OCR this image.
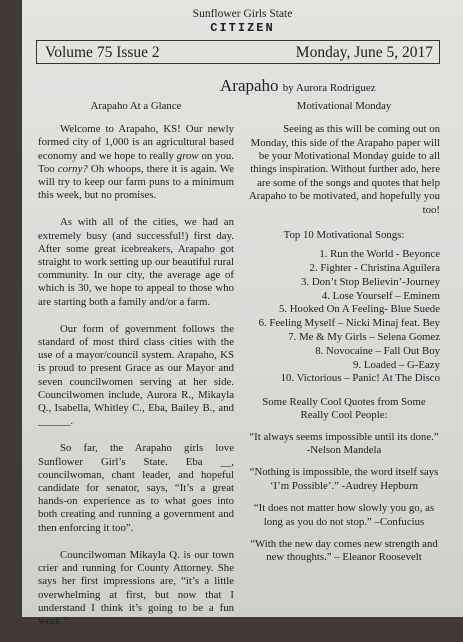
Sunflower Girls State
CITIZEN
Volume 75 Issue 2	Monday, June 5, 2017
Arapaho by Aurora Rodriguez

Arapaho At a Glance

Welcome to Arapaho, KS! Our newly formed city of 1,000 is an agricultural based economy and we hope to really grow on you. Too corny? Oh whoops, there it is again. We will try to keep our farm puns to a minimum this week, but no promises.

As with all of the cities, we had an extremely busy (and successful!) first day. After some great icebreakers, Arapaho got straight to work setting up our beautiful rural community. In our city, the average age of which is 30, we hope to appeal to those who are starting both a family and/or a farm.

Our form of government follows the standard of most third class cities with the use of a mayor/council system. Arapaho, KS is proud to present Grace as our Mayor and seven councilwomen serving at her side. Councilwomen include, Aurora R., Mikayla Q., Isabella, Whitley C., Eba, Bailey B., and ______.

So far, the Arapaho girls love Sunflower Girl’s State. Eba __, councilwoman, chant leader, and hopeful candidate for senator, says, “It’s a great hands-on experience as to what goes into both creating and running a government and then enforcing it too”.

Councilwoman Mikayla Q. is our town crier and running for County Attorney. She says her first impressions are, “it’s a little overwhelming at first, but now that I understand I think it’s going to be a fun week.”

Motivational Monday

Seeing as this will be coming out on Monday, this side of the Arapaho paper will be your Motivational Monday guide to all things inspiration. Without further ado, here are some of the songs and quotes that help Arapaho to be motivated, and hopefully you too!

Top 10 Motivational Songs:

1. Run the World - Beyonce

2. Fighter - Christina Aguilera

3. Don’t Stop Believin’-Journey

4. Lose Yourself – Eminem

5. Hooked On A Feeling- Blue Suede

6. Feeling Myself – Nicki Minaj feat. Bey

7. Me & My Girls – Selena Gomez

8. Novocaine – Fall Out Boy

9. Loaded – G-Eazy

10. Victorious – Panic! At The Disco

Some Really Cool Quotes from Some Really Cool People:

“It always seems impossible until its done.” -Nelson Mandela

“Nothing is impossible, the word itself says ‘I’m Possible’.” -Audrey Hepburn

“It does not matter how slowly you go, as long as you do not stop.” –Confucius

“With the new day comes new strength and new thoughts.” – Eleanor Roosevelt
